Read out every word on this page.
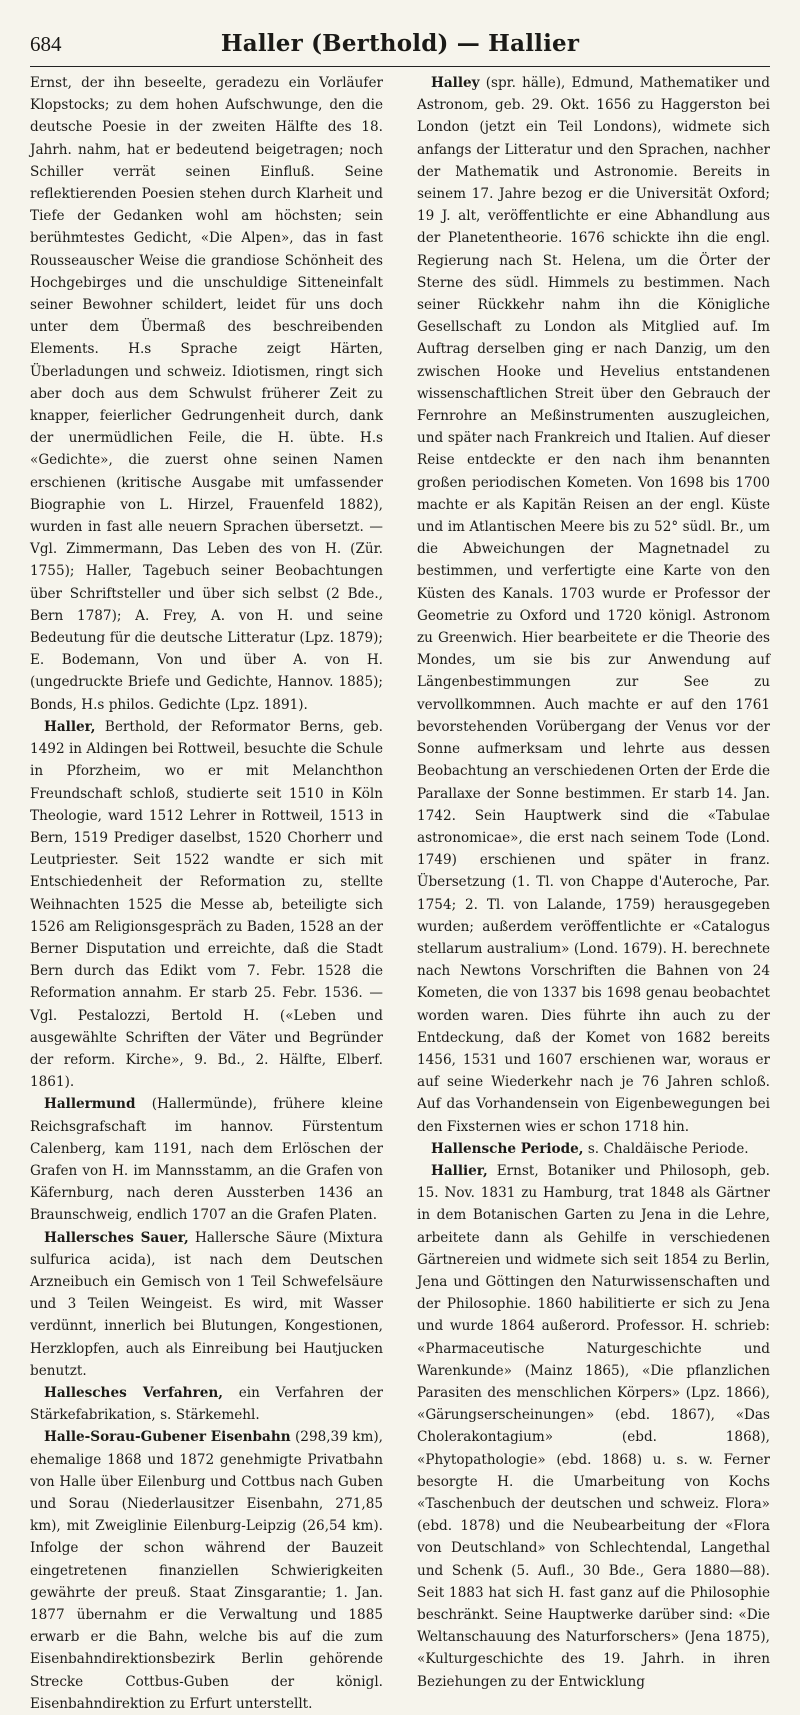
684	Haller (Berthold) — Hallier

Ernst, der ihn beseelte, geradezu ein Vorläufer Klopstocks; zu dem hohen Aufschwunge, den die deutsche Poesie in der zweiten Hälfte des 18. Jahrh. nahm, hat er bedeutend beigetragen; noch Schiller verrät seinen Einfluß. Seine reflektierenden Poesien stehen durch Klarheit und Tiefe der Gedanken wohl am höchsten; sein berühmtestes Gedicht, «Die Alpen», das in fast Rousseauscher Weise die grandiose Schönheit des Hochgebirges und die unschuldige Sitteneinfalt seiner Bewohner schildert, leidet für uns doch unter dem Übermaß des beschreibenden Elements. H.s Sprache zeigt Härten, Überladungen und schweiz. Idiotismen, ringt sich aber doch aus dem Schwulst früherer Zeit zu knapper, feierlicher Gedrungenheit durch, dank der unermüdlichen Feile, die H. übte. H.s «Gedichte», die zuerst ohne seinen Namen erschienen (kritische Ausgabe mit umfassender Biographie von L. Hirzel, Frauenfeld 1882), wurden in fast alle neuern Sprachen übersetzt. — Vgl. Zimmermann, Das Leben des von H. (Zür. 1755); Haller, Tagebuch seiner Beobachtungen über Schriftsteller und über sich selbst (2 Bde., Bern 1787); A. Frey, A. von H. und seine Bedeutung für die deutsche Litteratur (Lpz. 1879); E. Bodemann, Von und über A. von H. (ungedruckte Briefe und Gedichte, Hannov. 1885); Bonds, H.s philos. Gedichte (Lpz. 1891).

Haller, Berthold, der Reformator Berns, geb. 1492 in Aldingen bei Rottweil, besuchte die Schule in Pforzheim, wo er mit Melanchthon Freundschaft schloß, studierte seit 1510 in Köln Theologie, ward 1512 Lehrer in Rottweil, 1513 in Bern, 1519 Prediger daselbst, 1520 Chorherr und Leutpriester. Seit 1522 wandte er sich mit Entschiedenheit der Reformation zu, stellte Weihnachten 1525 die Messe ab, beteiligte sich 1526 am Religionsgespräch zu Baden, 1528 an der Berner Disputation und erreichte, daß die Stadt Bern durch das Edikt vom 7. Febr. 1528 die Reformation annahm. Er starb 25. Febr. 1536. — Vgl. Pestalozzi, Bertold H. («Leben und ausgewählte Schriften der Väter und Begründer der reform. Kirche», 9. Bd., 2. Hälfte, Elberf. 1861).

Hallermund (Hallermünde), frühere kleine Reichsgrafschaft im hannov. Fürstentum Calenberg, kam 1191, nach dem Erlöschen der Grafen von H. im Mannsstamm, an die Grafen von Käfernburg, nach deren Aussterben 1436 an Braunschweig, endlich 1707 an die Grafen Platen.

Hallersches Sauer, Hallersche Säure (Mixtura sulfurica acida), ist nach dem Deutschen Arzneibuch ein Gemisch von 1 Teil Schwefelsäure und 3 Teilen Weingeist. Es wird, mit Wasser verdünnt, innerlich bei Blutungen, Kongestionen, Herzklopfen, auch als Einreibung bei Hautjucken benutzt.

Hallesches Verfahren, ein Verfahren der Stärkefabrikation, s. Stärkemehl.

Halle-Sorau-Gubener Eisenbahn (298,39 km), ehemalige 1868 und 1872 genehmigte Privatbahn von Halle über Eilenburg und Cottbus nach Guben und Sorau (Niederlausitzer Eisenbahn, 271,85 km), mit Zweiglinie Eilenburg-Leipzig (26,54 km). Infolge der schon während der Bauzeit eingetretenen finanziellen Schwierigkeiten gewährte der preuß. Staat Zinsgarantie; 1. Jan. 1877 übernahm er die Verwaltung und 1885 erwarb er die Bahn, welche bis auf die zum Eisenbahndirektionsbezirk Berlin gehörende Strecke Cottbus-Guben der königl. Eisenbahndirektion zu Erfurt unterstellt.

Halley (spr. hälle), Edmund, Mathematiker und Astronom, geb. 29. Okt. 1656 zu Haggerston bei London (jetzt ein Teil Londons), widmete sich anfangs der Litteratur und den Sprachen, nachher der Mathematik und Astronomie. Bereits in seinem 17. Jahre bezog er die Universität Oxford; 19 J. alt, veröffentlichte er eine Abhandlung aus der Planetentheorie. 1676 schickte ihn die engl. Regierung nach St. Helena, um die Örter der Sterne des südl. Himmels zu bestimmen. Nach seiner Rückkehr nahm ihn die Königliche Gesellschaft zu London als Mitglied auf. Im Auftrag derselben ging er nach Danzig, um den zwischen Hooke und Hevelius entstandenen wissenschaftlichen Streit über den Gebrauch der Fernrohre an Meßinstrumenten auszugleichen, und später nach Frankreich und Italien. Auf dieser Reise entdeckte er den nach ihm benannten großen periodischen Kometen. Von 1698 bis 1700 machte er als Kapitän Reisen an der engl. Küste und im Atlantischen Meere bis zu 52° südl. Br., um die Abweichungen der Magnetnadel zu bestimmen, und verfertigte eine Karte von den Küsten des Kanals. 1703 wurde er Professor der Geometrie zu Oxford und 1720 königl. Astronom zu Greenwich. Hier bearbeitete er die Theorie des Mondes, um sie bis zur Anwendung auf Längenbestimmungen zur See zu vervollkommnen. Auch machte er auf den 1761 bevorstehenden Vorübergang der Venus vor der Sonne aufmerksam und lehrte aus dessen Beobachtung an verschiedenen Orten der Erde die Parallaxe der Sonne bestimmen. Er starb 14. Jan. 1742. Sein Hauptwerk sind die «Tabulae astronomicae», die erst nach seinem Tode (Lond. 1749) erschienen und später in franz. Übersetzung (1. Tl. von Chappe d'Auteroche, Par. 1754; 2. Tl. von Lalande, 1759) herausgegeben wurden; außerdem veröffentlichte er «Catalogus stellarum australium» (Lond. 1679). H. berechnete nach Newtons Vorschriften die Bahnen von 24 Kometen, die von 1337 bis 1698 genau beobachtet worden waren. Dies führte ihn auch zu der Entdeckung, daß der Komet von 1682 bereits 1456, 1531 und 1607 erschienen war, woraus er auf seine Wiederkehr nach je 76 Jahren schloß. Auf das Vorhandensein von Eigenbewegungen bei den Fixsternen wies er schon 1718 hin.

Hallensche Periode, s. Chaldäische Periode.

Hallier, Ernst, Botaniker und Philosoph, geb. 15. Nov. 1831 zu Hamburg, trat 1848 als Gärtner in dem Botanischen Garten zu Jena in die Lehre, arbeitete dann als Gehilfe in verschiedenen Gärtnereien und widmete sich seit 1854 zu Berlin, Jena und Göttingen den Naturwissenschaften und der Philosophie. 1860 habilitierte er sich zu Jena und wurde 1864 außerord. Professor. H. schrieb: «Pharmaceutische Naturgeschichte und Warenkunde» (Mainz 1865), «Die pflanzlichen Parasiten des menschlichen Körpers» (Lpz. 1866), «Gärungserscheinungen» (ebd. 1867), «Das Cholerakontagium» (ebd. 1868), «Phytopathologie» (ebd. 1868) u. s. w. Ferner besorgte H. die Umarbeitung von Kochs «Taschenbuch der deutschen und schweiz. Flora» (ebd. 1878) und die Neubearbeitung der «Flora von Deutschland» von Schlechtendal, Langethal und Schenk (5. Aufl., 30 Bde., Gera 1880—88). Seit 1883 hat sich H. fast ganz auf die Philosophie beschränkt. Seine Hauptwerke darüber sind: «Die Weltanschauung des Naturforschers» (Jena 1875), «Kulturgeschichte des 19. Jahrh. in ihren Beziehungen zu der Entwicklung
